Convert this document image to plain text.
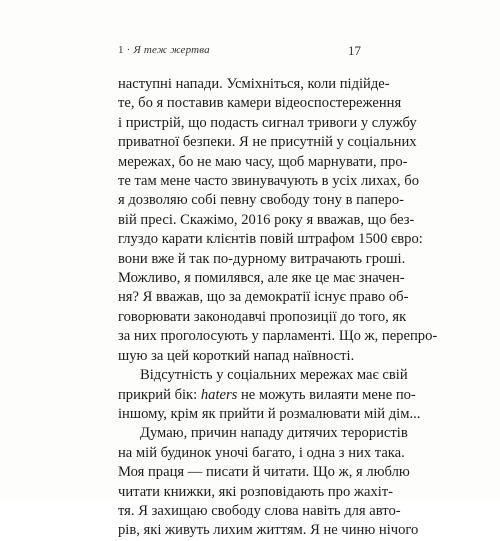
1 · Я теж жертва	17
наступні напади. Усміхніться, коли підійде-
те, бо я поставив камери відеоспостереження
і пристрій, що подасть сигнал тривоги у службу
приватної безпеки. Я не присутній у соціальних
мережах, бо не маю часу, щоб марнувати, про-
те там мене часто звинувачують в усіх лихах, бо
я дозволяю собі певну свободу тону в паперо-
вій пресі. Скажімо, 2016 року я вважав, що без-
глуздо карати клієнтів повій штрафом 1500 євро:
вони вже й так по-дурному витрачають гроші.
Можливо, я помилявся, але яке це має значен-
ня? Я вважав, що за демократії існує право об-
говорювати законодавчі пропозиції до того, як
за них проголосують у парламенті. Що ж, перепро-
шую за цей короткий напад наївності.
Відсутність у соціальних мережах має свій
прикрий бік: haters не можуть вилаяти мене по-
іншому, крім як прийти й розмалювати мій дім...
Думаю, причин нападу дитячих терористів
на мій будинок уночі багато, і одна з них така.
Моя праця — писати й читати. Що ж, я люблю
читати книжки, які розповідають про жахіт-
тя. Я захищаю свободу слова навіть для авто-
рів, які живуть лихим життям. Я не чиню нічого
